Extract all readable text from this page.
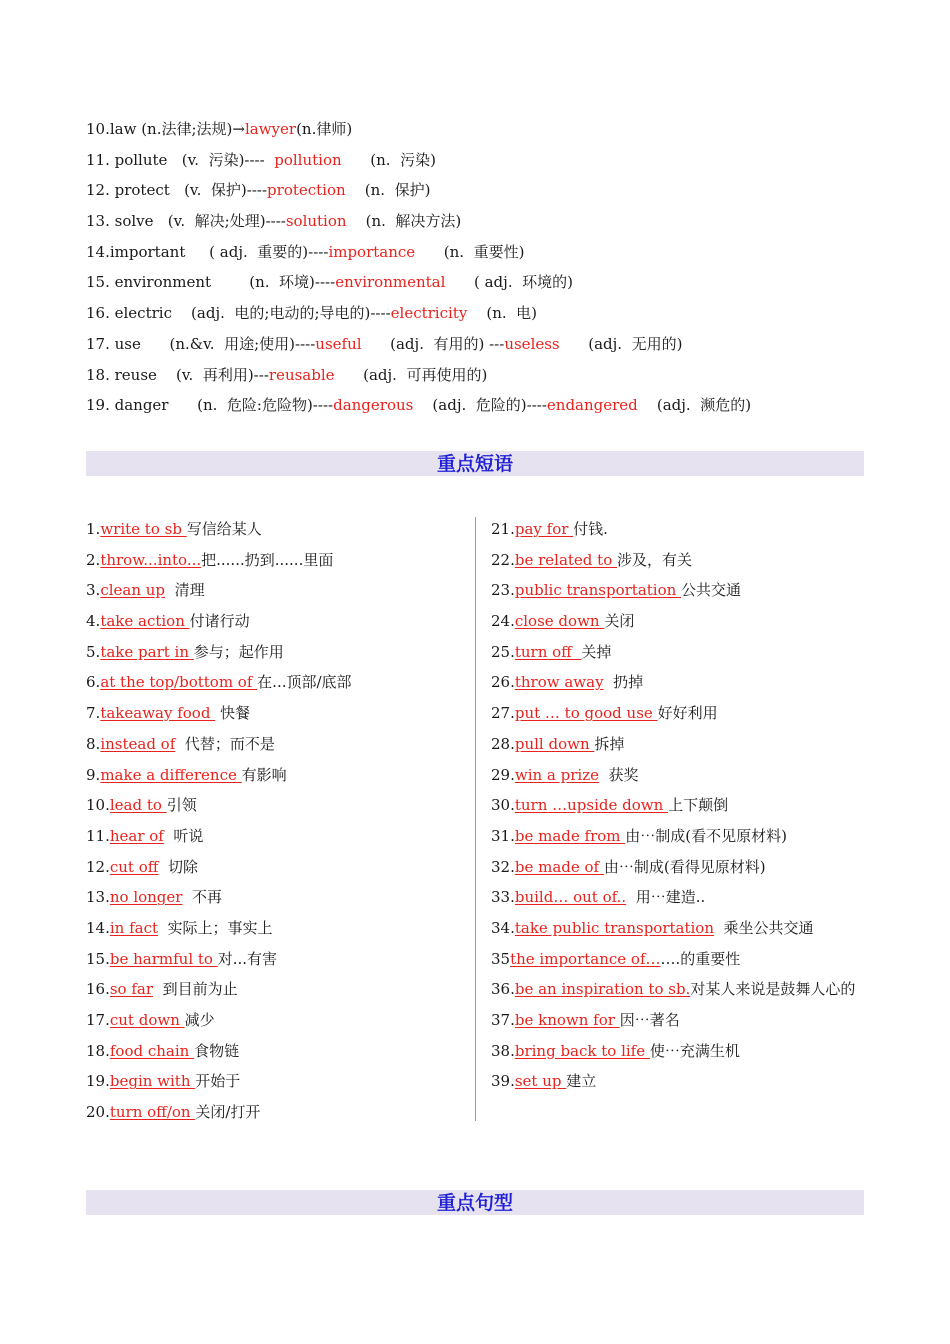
10.law (n.法律;法规)→lawyer(n.律师)
11. pollute   (v.  污染)----  pollution      (n.  污染)
12. protect   (v.  保护)----protection    (n.  保护)
13. solve   (v.  解决;处理)----solution    (n.  解决方法)
14.important     ( adj.  重要的)----importance      (n.  重要性)
15. environment        (n.  环境)----environmental      ( adj.  环境的)
16. electric    (adj.  电的;电动的;导电的)----electricity    (n.  电)
17. use      (n.&v.  用途;使用)----useful      (adj.  有用的) ---useless      (adj.  无用的)
18. reuse    (v.  再利用)---reusable      (adj.  可再使用的)
19. danger      (n.  危险:危险物)----dangerous    (adj.  危险的)----endangered    (adj.  濒危的)
重点短语
1.write to sb 写信给某人
2.throw...into...把......扔到......里面
3.clean up  清理
4.take action 付诸行动
5.take part in 参与；起作用
6.at the top/bottom of 在...顶部/底部
7.takeaway food  快餐
8.instead of  代替；而不是
9.make a difference 有影响
10.lead to 引领
11.hear of  听说
12.cut off  切除
13.no longer  不再
14.in fact  实际上；事实上
15.be harmful to 对...有害
16.so far  到目前为止
17.cut down 减少
18.food chain 食物链
19.begin with 开始于
20.turn off/on 关闭/打开
21.pay for 付钱.
22.be related to 涉及，有关
23.public transportation 公共交通
24.close down 关闭
25.turn off  关掉
26.throw away  扔掉
27.put … to good use 好好利用
28.pull down 拆掉
29.win a prize  获奖
30.turn …upside down 上下颠倒
31.be made from 由⋯制成(看不见原材料)
32.be made of 由⋯制成(看得见原材料)
33.build… out of..  用⋯建造..
34.take public transportation  乘坐公共交通
35the importance of…….的重要性
36.be an inspiration to sb.对某人来说是鼓舞人心的
37.be known for 因⋯著名
38.bring back to life 使⋯充满生机
39.set up 建立
重点句型
